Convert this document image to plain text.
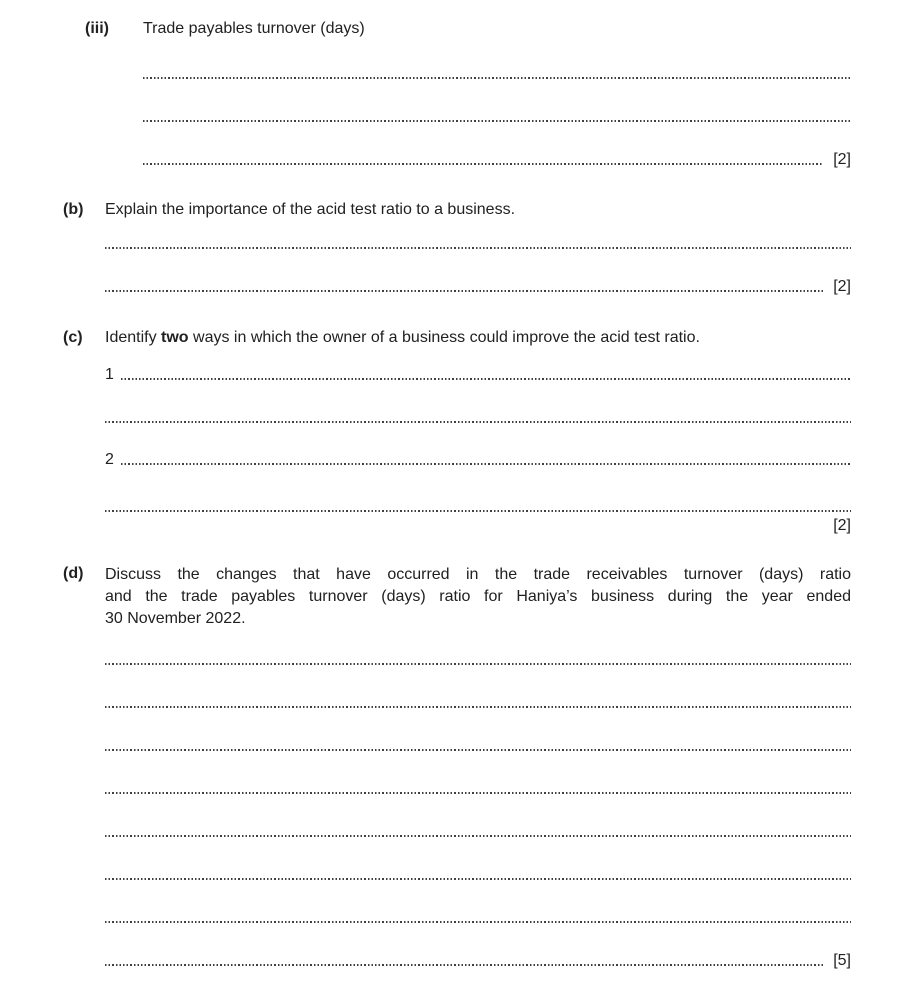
(iii) Trade payables turnover (days)
[2]
(b) Explain the importance of the acid test ratio to a business.
[2]
(c) Identify two ways in which the owner of a business could improve the acid test ratio.
1
2
[2]
(d) Discuss the changes that have occurred in the trade receivables turnover (days) ratio
and the trade payables turnover (days) ratio for Haniya’s business during the year ended
30 November 2022.
[5]
